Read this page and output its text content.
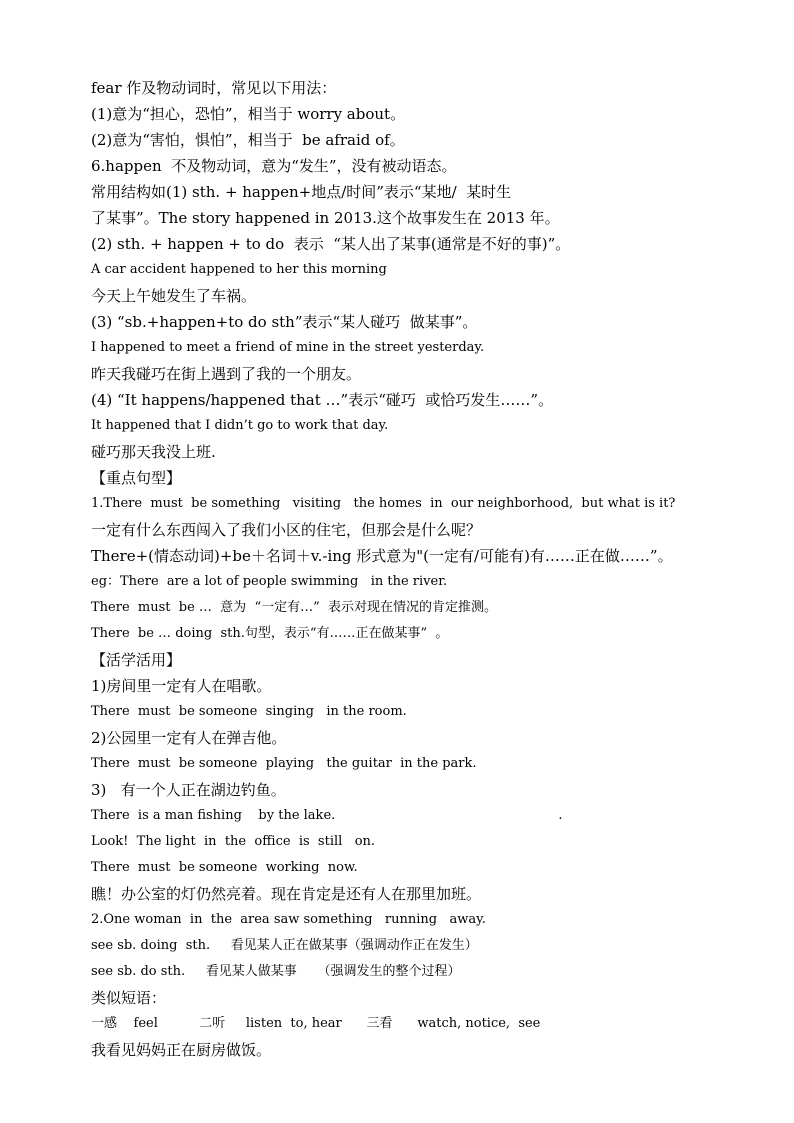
fear 作及物动词时，常见以下用法：
(1)意为“担心，恐怕”，相当于 worry about。
(2)意为“害怕，惧怕”，相当于  be afraid of。
6.happen  不及物动词，意为“发生”，没有被动语态。
常用结构如(1) sth. + happen+地点/时间”表示“某地/  某时生
了某事”。The story happened in 2013.这个故事发生在 2013 年。
(2) sth. + happen + to do  表示  “某人出了某事(通常是不好的事)”。
A car accident happened to her this morning
今天上午她发生了车祸。
(3) “sb.+happen+to do sth”表示“某人碰巧  做某事”。
I happened to meet a friend of mine in the street yesterday.
昨天我碰巧在街上遇到了我的一个朋友。
(4) “It happens/happened that …”表示“碰巧  或恰巧发生……”。
It happened that I didn’t go to work that day.
碰巧那天我没上班.
【重点句型】
1.There  must  be something   visiting   the homes  in  our neighborhood,  but what is it?
一定有什么东西闯入了我们小区的住宅，但那会是什么呢？
There+(情态动词)+be＋名词＋v.-ing 形式意为"(一定有/可能有)有……正在做……”。
eg：There  are a lot of people swimming   in the river.
There  must  be …  意为  “一定有…”  表示对现在情况的肯定推测。
There  be … doing  sth.句型，表示“有……正在做某事”  。
【活学活用】
1)房间里一定有人在唱歌。
There  must  be someone  singing   in the room.
2)公园里一定有人在弹吉他。
There  must  be someone  playing   the guitar  in the park.
3)   有一个人正在湖边钓鱼。
There  is a man fishing    by the lake.                                                      .
Look!  The light  in  the  office  is  still   on.
There  must  be someone  working  now.
瞧！办公室的灯仍然亮着。现在肯定是还有人在那里加班。
2.One woman  in  the  area saw something   running   away.
see sb. doing  sth.     看见某人正在做某事（强调动作正在发生）
see sb. do sth.     看见某人做某事     （强调发生的整个过程）
类似短语：
一感    feel          二听     listen  to, hear      三看      watch, notice,  see
我看见妈妈正在厨房做饭。
